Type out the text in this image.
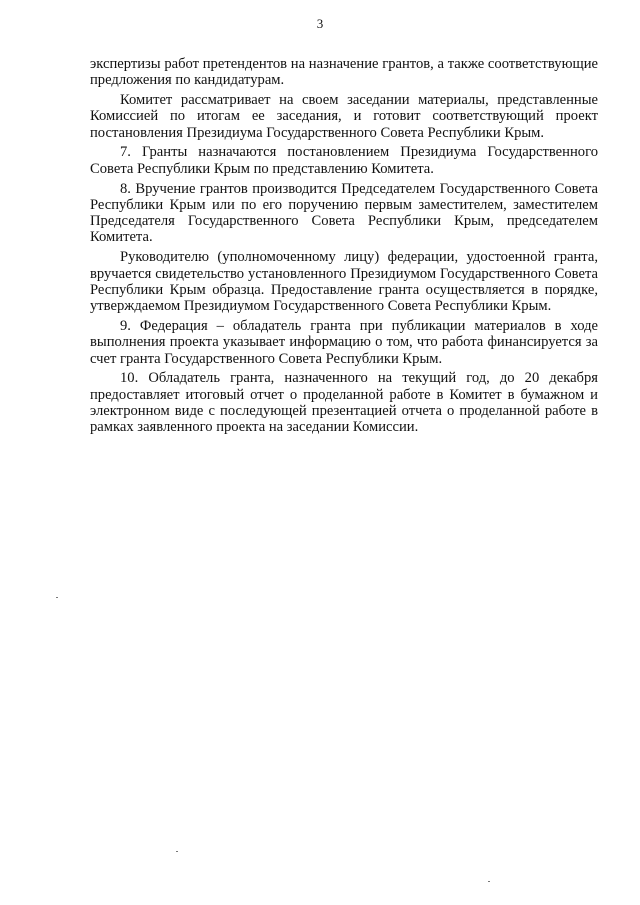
3

экспертизы работ претендентов на назначение грантов, а также соответствующие предложения по кандидатурам.

Комитет рассматривает на своем заседании материалы, представленные Комиссией по итогам ее заседания, и готовит соответствующий проект постановления Президиума Государственного Совета Республики Крым.

7. Гранты назначаются постановлением Президиума Государственного Совета Республики Крым по представлению Комитета.

8. Вручение грантов производится Председателем Государственного Совета Республики Крым или по его поручению первым заместителем, заместителем Председателя Государственного Совета Республики Крым, председателем Комитета.

Руководителю (уполномоченному лицу) федерации, удостоенной гранта, вручается свидетельство установленного Президиумом Государственного Совета Республики Крым образца. Предоставление гранта осуществляется в порядке, утверждаемом Президиумом Государственного Совета Республики Крым.

9. Федерация – обладатель гранта при публикации материалов в ходе выполнения проекта указывает информацию о том, что работа финансируется за счет гранта Государственного Совета Республики Крым.

10. Обладатель гранта, назначенного на текущий год, до 20 декабря предоставляет итоговый отчет о проделанной работе в Комитет в бумажном и электронном виде с последующей презентацией отчета о проделанной работе в рамках заявленного проекта на заседании Комиссии.
